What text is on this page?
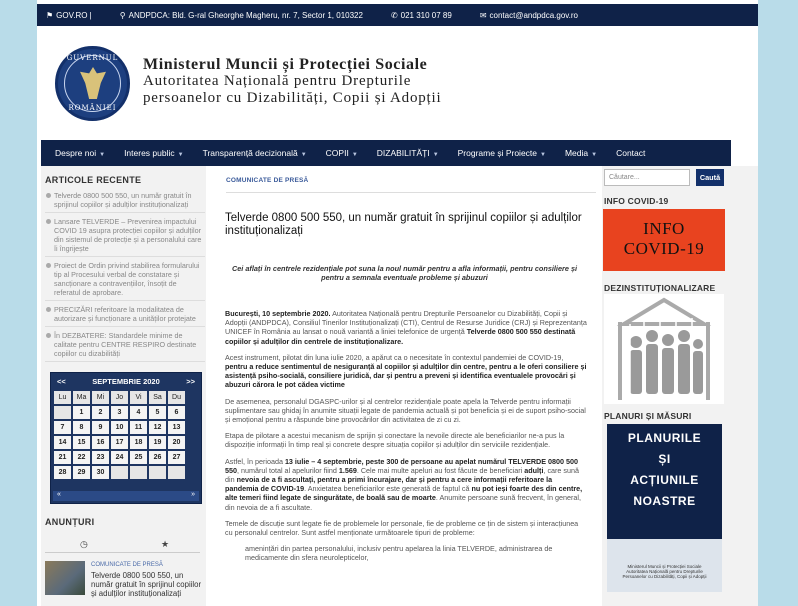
⚑ GOV.RO |	⚲ ANDPDCA: Bld. G-ral Gheorghe Magheru, nr. 7, Sector 1, 010322	✆ 021 310 07 89	✉ contact@andpdca.gov.ro
GUVERNUL
ROMÂNIEI
Ministerul Muncii și Protecției Sociale
Autoritatea Națională pentru Drepturile
persoanelor cu Dizabilități, Copii și Adopții
Despre noi ▼ Interes public ▼ Transparență decizională ▼ COPII ▼ DIZABILITĂȚI ▼ Programe și Proiecte ▼ Media ▼ Contact
ARTICOLE RECENTE
Telverde 0800 500 550, un număr gratuit în sprijinul copiilor și adulților instituționalizați
Lansare TELVERDE – Prevenirea impactului COVID 19 asupra protecției copiilor și adulților din sistemul de protecție și a personalului care îi îngrijește
Proiect de Ordin privind stabilirea formularului tip al Procesului verbal de constatare și sancționare a contravențiilor, însoțit de referatul de aprobare.
PRECIZĂRI referitoare la modalitatea de autorizare și funcționare a unităților protejate
În DEZBATERE: Standardele minime de calitate pentru CENTRE RESPIRO destinate copiilor cu dizabilități
<<	SEPTEMBRIE 2020	>>
Lu	Ma	Mi	Jo	Vi	Sa	Du
	1	2	3	4	5	6
7	8	9	10	11	12	13
14	15	16	17	18	19	20
21	22	23	24	25	26	27
28	29	30				
«	»
ANUNȚURI
◷	★
COMUNICATE DE PRESĂ
Telverde 0800 500 550, un număr gratuit în sprijinul copiilor și adulților instituționalizați
COMUNICATE DE PRESĂ
Telverde 0800 500 550, un număr gratuit în sprijinul copiilor și adulților instituționalizați
Cei aflați în centrele rezidențiale pot suna la noul număr pentru a afla informații, pentru consiliere și pentru a semnala eventuale probleme și abuzuri

București, 10 septembrie 2020. Autoritatea Națională pentru Drepturile Persoanelor cu Dizabilități, Copii și Adopții (ANDPDCA), Consiliul Tinerilor Instituționalizați (CTI), Centrul de Resurse Juridice (CRJ) și Reprezentanța UNICEF în România au lansat o nouă variantă a liniei telefonice de urgență Telverde 0800 500 550 destinată copiilor și adulților din centrele de instituționalizare.

Acest instrument, pilotat din luna iulie 2020, a apărut ca o necesitate în contextul pandemiei de COVID-19, pentru a reduce sentimentul de nesiguranță al copiilor și adulților din centre, pentru a le oferi consiliere și asistență psiho-socială, consiliere juridică, dar și pentru a preveni și identifica eventualele provocări și abuzuri cărora le pot cădea victime

De asemenea, personalul DGASPC-urilor și al centrelor rezidențiale poate apela la Telverde pentru informații suplimentare sau ghidaj în anumite situații legate de pandemia actuală și pot beneficia și ei de suport psiho-social și emoțional pentru a răspunde bine provocărilor din activitatea de zi cu zi.

Etapa de pilotare a acestui mecanism de sprijin și conectare la nevoile directe ale beneficiarilor ne-a pus la dispoziție informații în timp real și concrete despre situația copiilor și adulților din serviciile rezidențiale.

Astfel, în perioada 13 iulie – 4 septembrie, peste 300 de persoane au apelat numărul TELVERDE 0800 500 550, numărul total al apelurilor fiind 1.569. Cele mai multe apeluri au fost făcute de beneficiari adulți, care sună din nevoia de a fi ascultați, pentru a primi încurajare, dar și pentru a cere informații referitoare la pandemia de COVID-19. Anxietatea beneficiarilor este generată de faptul că nu pot ieși foarte des din centre, alte temeri fiind legate de singurătate, de boală sau de moarte. Anumite persoane sună frecvent, în general, din nevoia de a fi ascultate.

Temele de discuție sunt legate fie de problemele lor personale, fie de probleme ce țin de sistem și interacțiunea cu personalul centrelor. Sunt astfel menționate următoarele tipuri de probleme:

amenințări din partea personalului, inclusiv pentru apelarea la linia TELVERDE, administrarea de medicamente din sfera neurolepticelor,

Căutare...	Caută
INFO COVID-19
INFO
COVID-19
DEZINSTITUȚIONALIZARE
PLANURI ȘI MĂSURI
PLANURILE
ȘI
ACȚIUNILE
NOASTRE
Ministerul Muncii și Protecției Sociale
Autoritatea Națională pentru Drepturile
Persoanelor cu Dizabilități, Copii și Adopții
